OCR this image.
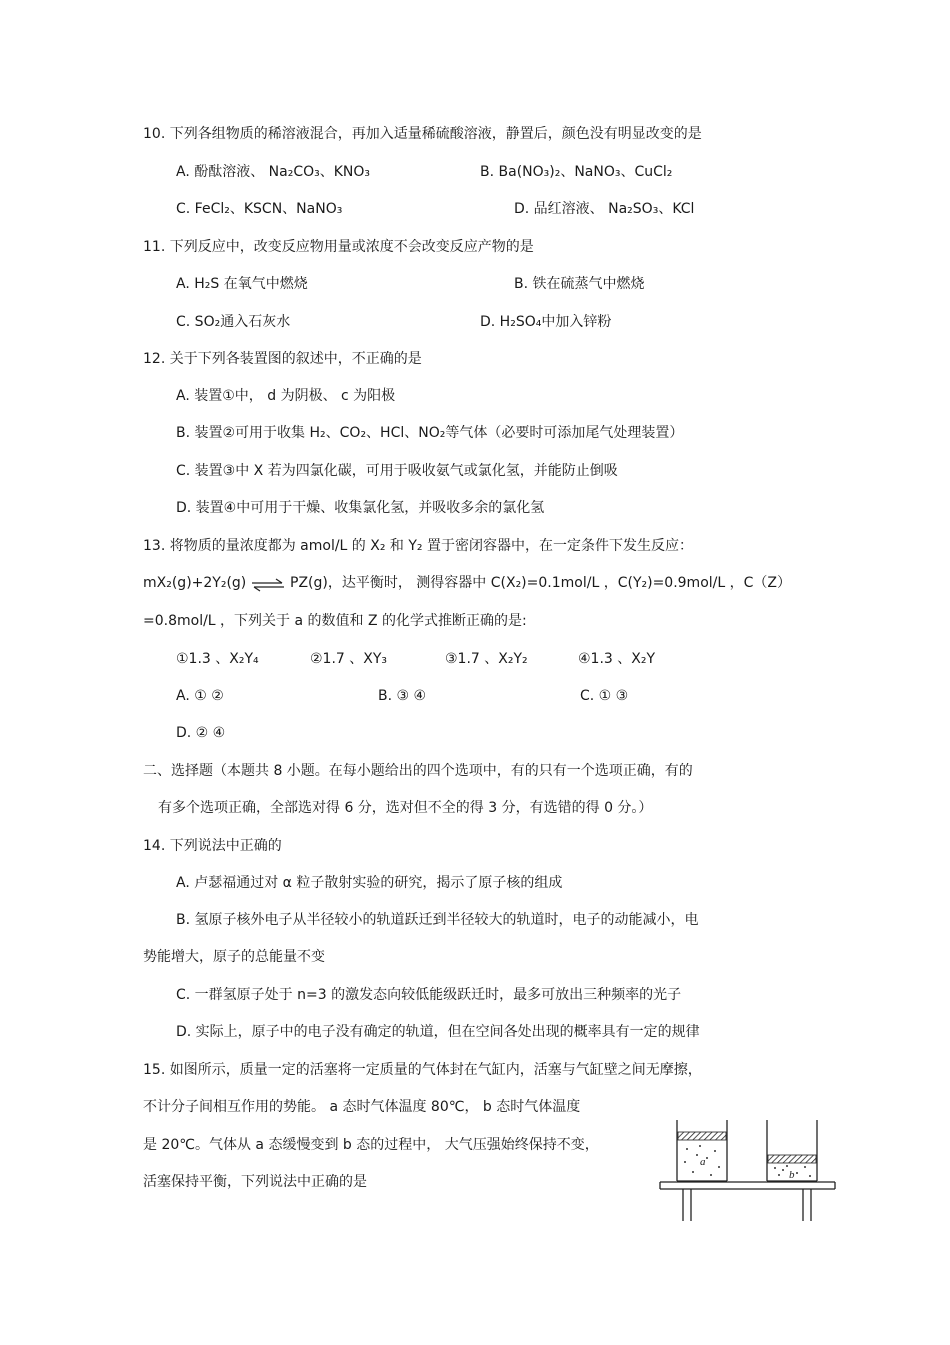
10. 下列各组物质的稀溶液混合，再加入适量稀硫酸溶液，静置后，颜色没有明显改变的是
A. 酚酞溶液、 Na₂CO₃、KNO₃	B. Ba(NO₃)₂、NaNO₃、CuCl₂
C. FeCl₂、KSCN、NaNO₃	D. 品红溶液、 Na₂SO₃、KCl
11. 下列反应中，改变反应物用量或浓度不会改变反应产物的是
A. H₂S 在氧气中燃烧	B. 铁在硫蒸气中燃烧
C. SO₂通入石灰水	D. H₂SO₄中加入锌粉
12. 关于下列各装置图的叙述中，不正确的是
A. 装置①中， d 为阴极、 c 为阳极
B. 装置②可用于收集 H₂、CO₂、HCl、NO₂等气体（必要时可添加尾气处理装置）
C. 装置③中 X 若为四氯化碳，可用于吸收氨气或氯化氢，并能防止倒吸
D. 装置④中可用于干燥、收集氯化氢，并吸收多余的氯化氢
13. 将物质的量浓度都为 amol/L 的 X₂ 和 Y₂ 置于密闭容器中，在一定条件下发生反应：
mX₂(g)+2Y₂(g) ⇌ PZ(g)，达平衡时， 测得容器中 C(X₂)=0.1mol/L ，C(Y₂)=0.9mol/L ，C（Z）
=0.8mol/L ，下列关于 a 的数值和 Z 的化学式推断正确的是:
①1.3 、X₂Y₄	②1.7 、XY₃	③1.7 、X₂Y₂	④1.3 、X₂Y
A. ① ②	B. ③ ④	C. ① ③
D. ② ④
二、选择题（本题共 8 小题。在每小题给出的四个选项中，有的只有一个选项正确，有的
有多个选项正确，全部选对得 6 分，选对但不全的得 3 分，有选错的得 0 分。）
14. 下列说法中正确的
A. 卢瑟福通过对 α 粒子散射实验的研究，揭示了原子核的组成
B. 氢原子核外电子从半径较小的轨道跃迁到半径较大的轨道时，电子的动能减小，电
势能增大，原子的总能量不变
C. 一群氢原子处于 n=3 的激发态向较低能级跃迁时，最多可放出三种频率的光子
D. 实际上，原子中的电子没有确定的轨道，但在空间各处出现的概率具有一定的规律
15. 如图所示，质量一定的活塞将一定质量的气体封在气缸内，活塞与气缸壁之间无摩擦，
不计分子间相互作用的势能。 a 态时气体温度 80℃， b 态时气体温度
是 20℃。气体从 a 态缓慢变到 b 态的过程中， 大气压强始终保持不变，
活塞保持平衡，下列说法中正确的是
a
b
